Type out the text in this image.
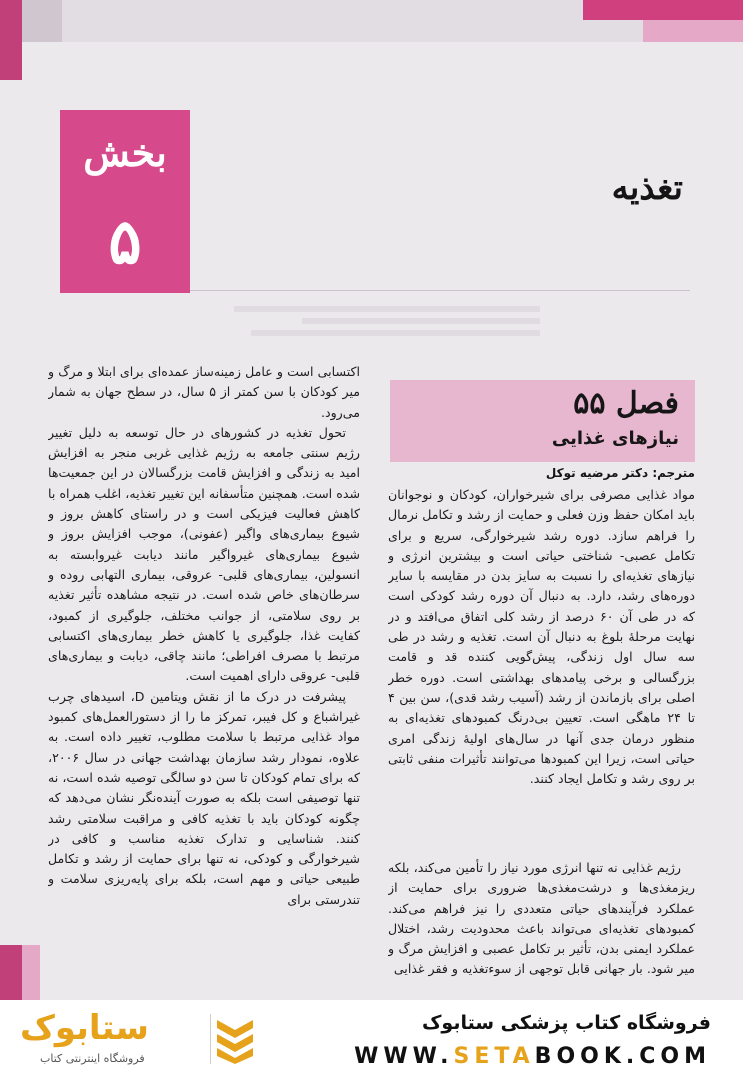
بخش
۵
تغذیه
فصل ۵۵
نیازهای غذایی
مترجم: دکتر مرضیه توکل

مواد غذایی مصرفی برای شیرخواران، کودکان و نوجوانان باید امکان حفظ وزن فعلی و حمایت از رشد و تکامل نرمال را فراهم سازد. دوره رشد شیرخوارگی، سریع و برای تکامل عصبی- شناختی حیاتی است و بیشترین انرژی و نیازهای تغذیه‌ای را نسبت به سایز بدن در مقایسه با سایر دوره‌های رشد، دارد. به دنبال آن دوره رشد کودکی است که در طی آن ۶۰ درصد از رشد کلی اتفاق می‌افتد و در نهایت مرحلهٔ بلوغ به دنبال آن است. تغذیه و رشد در طی سه سال اول زندگی، پیش‌گویی کننده قد و قامت بزرگسالی و برخی پیامدهای بهداشتی است. دوره خطر اصلی برای بازماندن از رشد (آسیب رشد قدی)، سن بین ۴ تا ۲۴ ماهگی است. تعیین بی‌درنگ کمبودهای تغذیه‌ای به منظور درمان جدی آنها در سال‌های اولیهٔ زندگی امری حیاتی است، زیرا این کمبودها می‌توانند تأثیرات منفی ثابتی بر روی رشد و تکامل ایجاد کنند.

رژیم غذایی نه تنها انرژی مورد نیاز را تأمین می‌کند، بلکه ریزمغذی‌ها و درشت‌مغذی‌ها ضروری برای حمایت از عملکرد فرآیندهای حیاتی متعددی را نیز فراهم می‌کند. کمبودهای تغذیه‌ای می‌تواند باعث محدودیت رشد، اختلال عملکرد ایمنی بدن، تأثیر بر تکامل عصبی و افزایش مرگ و میر شود. بار جهانی قابل توجهی از سوءتغذیه و فقر غذایی

اکتسابی است و عامل زمینه‌ساز عمده‌ای برای ابتلا و مرگ و میر کودکان با سن کمتر از ۵ سال، در سطح جهان به شمار می‌رود.

تحول تغذیه در کشورهای در حال توسعه به دلیل تغییر رژیم سنتی جامعه به رژیم غذایی غربی منجر به افزایش امید به زندگی و افزایش قامت بزرگسالان در این جمعیت‌ها شده است. همچنین متأسفانه این تغییر تغذیه، اغلب همراه با کاهش فعالیت فیزیکی است و در راستای کاهش بروز و شیوع بیماری‌های واگیر (عفونی)، موجب افزایش بروز و شیوع بیماری‌های غیرواگیر مانند دیابت غیروابسته به انسولین، بیماری‌های قلبی- عروقی، بیماری التهابی روده و سرطان‌های خاص شده است. در نتیجه مشاهده تأثیر تغذیه بر روی سلامتی، از جوانب مختلف، جلوگیری از کمبود، کفایت غذا، جلوگیری یا کاهش خطر بیماری‌های اکتسابی مرتبط با مصرف افراطی؛ مانند چاقی، دیابت و بیماری‌های قلبی- عروقی دارای اهمیت است.

پیشرفت در درک ما از نقش ویتامین D، اسیدهای چرب غیراشباع و کل فیبر، تمرکز ما را از دستورالعمل‌های کمبود مواد غذایی مرتبط با سلامت مطلوب، تغییر داده است. به علاوه، نمودار رشد سازمان بهداشت جهانی در سال ۲۰۰۶، که برای تمام کودکان تا سن دو سالگی توصیه شده است، نه تنها توصیفی است بلکه به صورت آینده‌نگر نشان می‌دهد که چگونه کودکان باید با تغذیه کافی و مراقبت سلامتی رشد کنند. شناسایی و تدارک تغذیه مناسب و کافی در شیرخوارگی و کودکی، نه تنها برای حمایت از رشد و تکامل طبیعی حیاتی و مهم است، بلکه برای پایه‌ریزی سلامت و تندرستی برای

فروشگاه کتاب پزشکی ستابوک
WWW.SETABOOK.COM
ستابوک
فروشگاه اینترنتی کتاب
